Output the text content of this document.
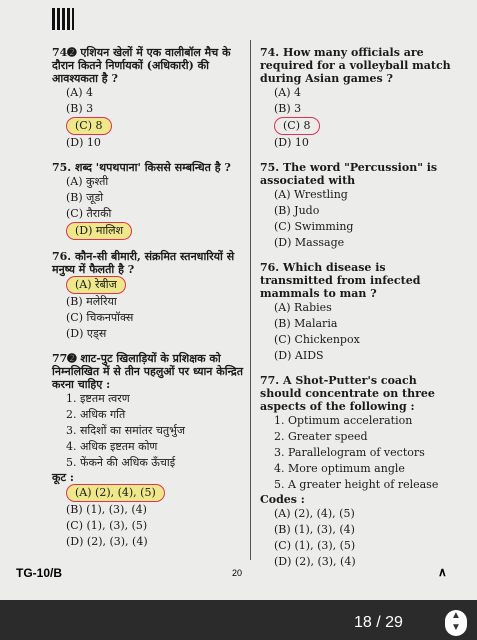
74➋ एशियन खेलों में एक वालीबॉल मैच के दौरान कितने निर्णायकों (अधिकारी) की आवश्यकता है ?
(A) 4
(B) 3
(C) 8
(D) 10
75. शब्द 'थपथपाना' किससे सम्बन्धित है ?
(A) कुश्ती
(B) जूडो
(C) तैराकी
(D) मालिश
76. कौन-सी बीमारी, संक्रमित स्तनधारियों से मनुष्य में फैलती है ?
(A) रेबीज
(B) मलेरिया
(C) चिकनपॉक्स
(D) एड्स
77➋ शाट-पुट खिलाड़ियों के प्रशिक्षक को निम्नलिखित में से तीन पहलुओं पर ध्यान केन्द्रित करना चाहिए :
1. इष्टतम त्वरण
2. अधिक गति
3. सदिशों का समांतर चतुर्भुज
4. अधिक इष्टतम कोण
5. फेंकने की अधिक ऊँचाई
कूट :
(A) (2), (4), (5)
(B) (1), (3), (4)
(C) (1), (3), (5)
(D) (2), (3), (4)
74. How many officials are required for a volleyball match during Asian games ?
(A) 4
(B) 3
(C) 8
(D) 10
75. The word "Percussion" is associated with
(A) Wrestling
(B) Judo
(C) Swimming
(D) Massage
76. Which disease is transmitted from infected mammals to man ?
(A) Rabies
(B) Malaria
(C) Chickenpox
(D) AIDS
77. A Shot-Putter's coach should concentrate on three aspects of the following :
1. Optimum acceleration
2. Greater speed
3. Parallelogram of vectors
4. More optimum angle
5. A greater height of release
Codes :
(A) (2), (4), (5)
(B) (1), (3), (4)
(C) (1), (3), (5)
(D) (2), (3), (4)
TG-10/B	20	∧
18 / 29	▲
▼
